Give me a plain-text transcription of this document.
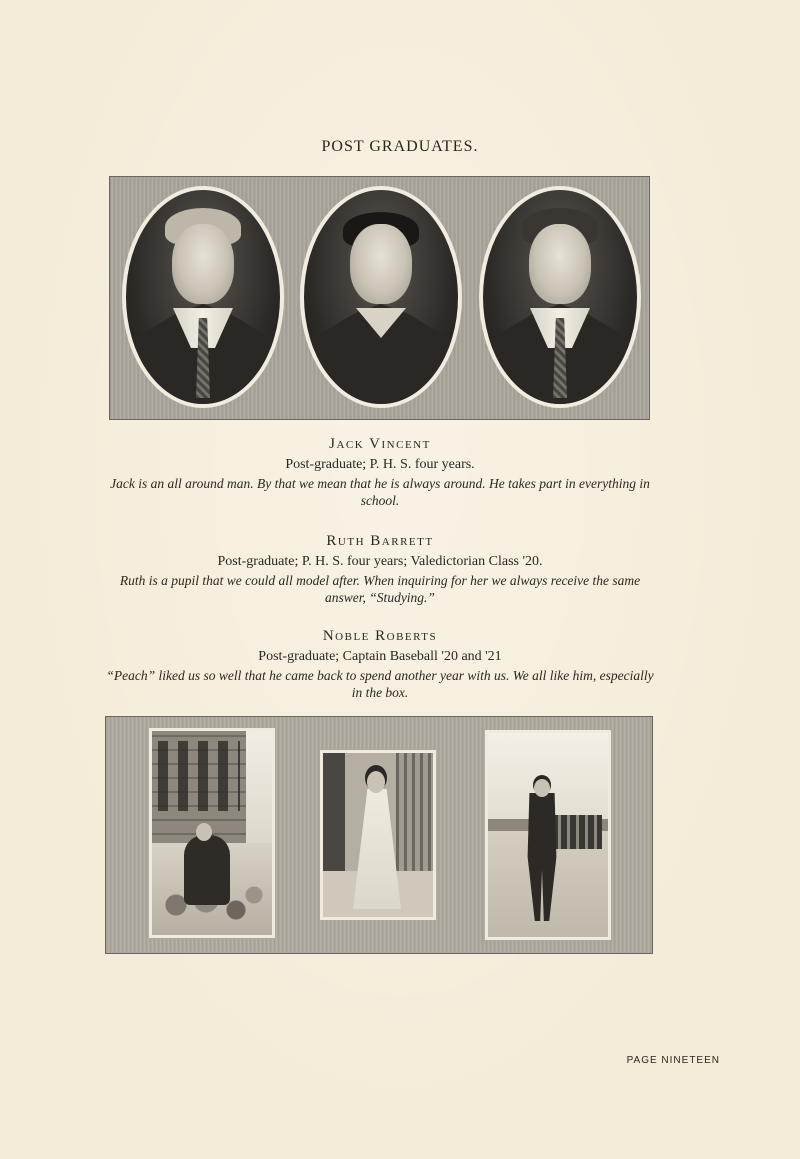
POST GRADUATES.
Jack Vincent
Post-graduate; P. H. S. four years.
Jack is an all around man. By that we mean that he is always around. He takes part in everything in school.
Ruth Barrett
Post-graduate; P. H. S. four years; Valedictorian Class '20.
Ruth is a pupil that we could all model after. When inquiring for her we always receive the same answer, “Studying.”
Noble Roberts
Post-graduate; Captain Baseball '20 and '21
“Peach” liked us so well that he came back to spend another year with us. We all like him, especially in the box.
PAGE NINETEEN
